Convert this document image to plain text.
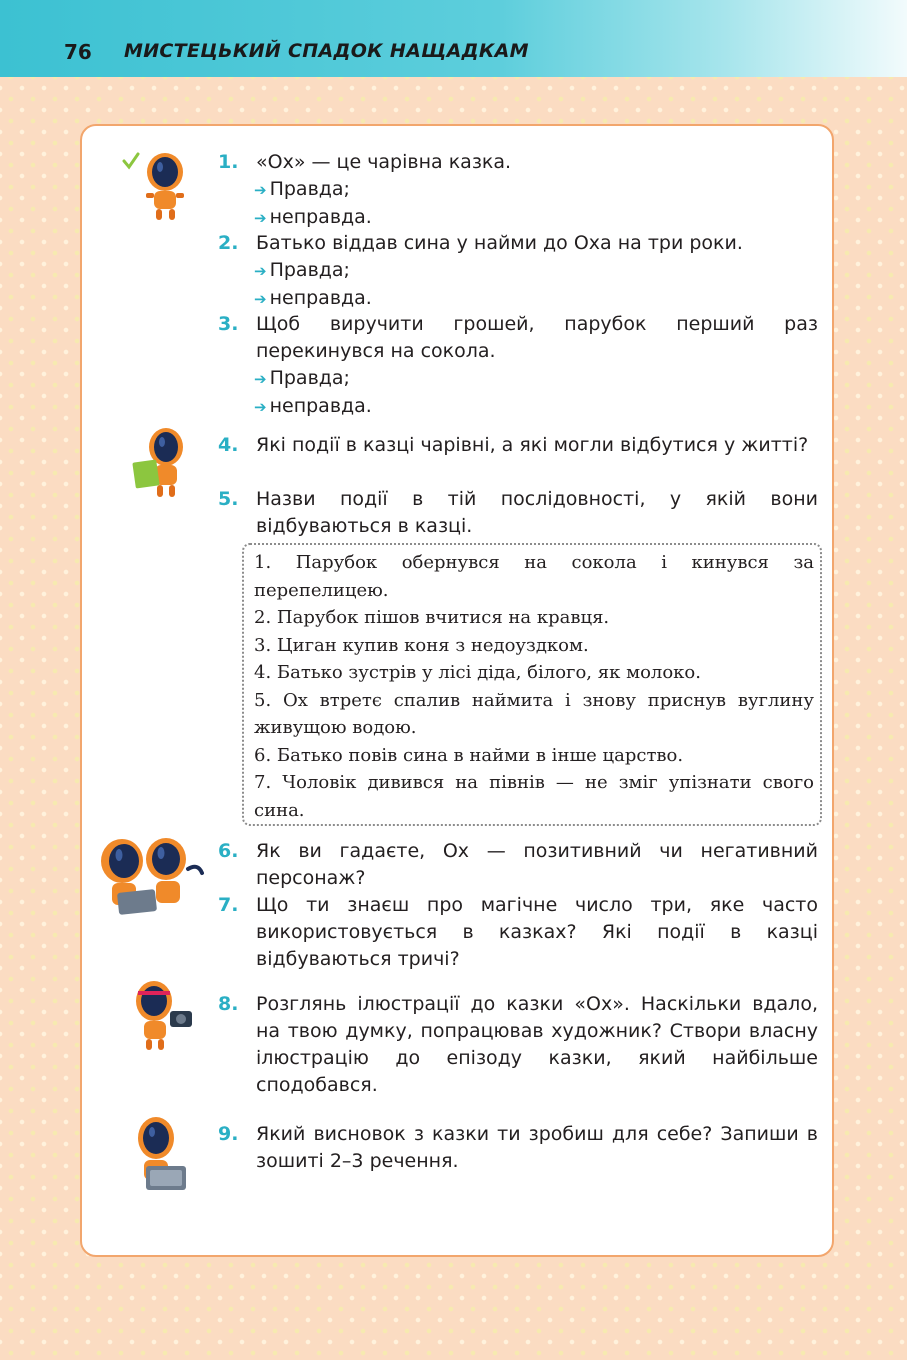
76 МИСТЕЦЬКИЙ СПАДОК НАЩАДКАМ
1. «Ох» — це чарівна казка.
➔ Правда;
➔ неправда.
2. Батько віддав сина у найми до Оха на три роки.
➔ Правда;
➔ неправда.
3. Щоб виручити грошей, парубок перший раз перекинувся на сокола.
➔ Правда;
➔ неправда.
4. Які події в казці чарівні, а які могли відбутися у житті?
5. Назви події в тій послідовності, у якій вони відбуваються в казці.

1. Парубок обернувся на сокола і кинувся за перепелицею.

2. Парубок пішов вчитися на кравця.

3. Циган купив коня з недоуздком.

4. Батько зустрів у лісі діда, білого, як молоко.

5. Ох втретє спалив наймита і знову приснув вуглину живущою водою.

6. Батько повів сина в найми в інше царство.

7. Чоловік дивився на півнів — не зміг упізнати свого сина.

6. Як ви гадаєте, Ох — позитивний чи негативний персонаж?
7. Що ти знаєш про магічне число три, яке часто використовується в казках? Які події в казці відбуваються тричі?
8. Розглянь ілюстрації до казки «Ох». Наскільки вдало, на твою думку, попрацював художник? Створи власну ілюстрацію до епізоду казки, який найбільше сподобався.
9. Який висновок з казки ти зробиш для себе? Запиши в зошиті 2–3 речення.
